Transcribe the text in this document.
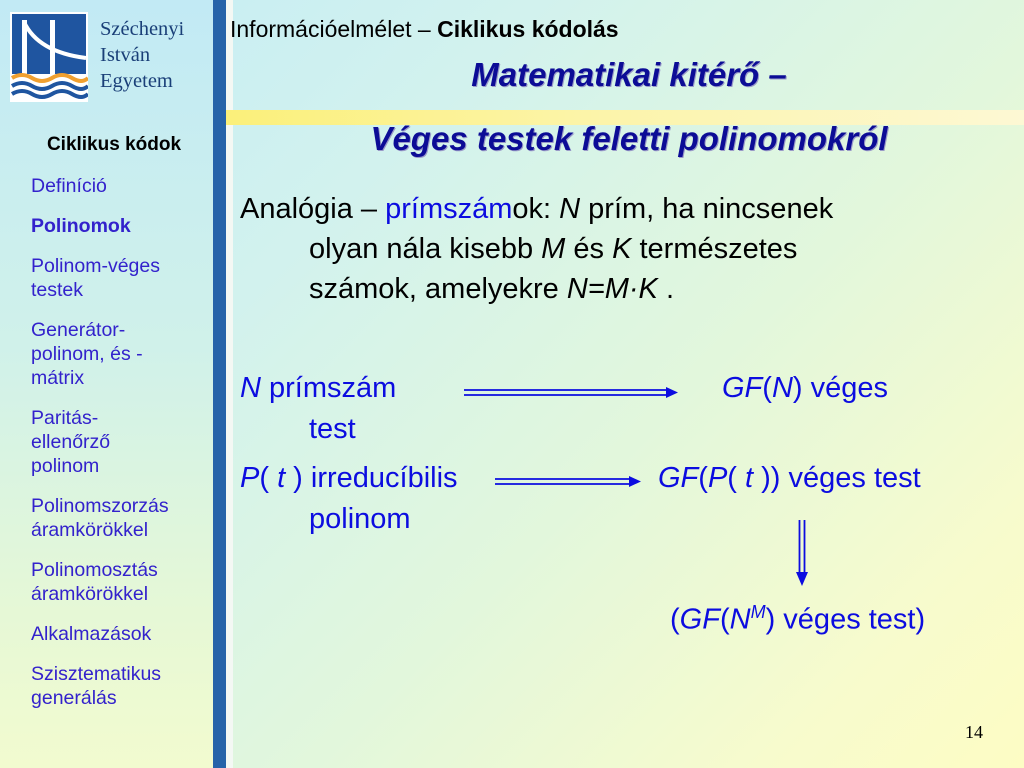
Széchenyi
István
Egyetem
Ciklikus kódok
Definíció
Polinomok
Polinom-véges testek
Generátor-polinom, és -mátrix
Paritás-ellenőrző polinom
Polinomszorzás áramkörökkel
Polinomosztás áramkörökkel
Alkalmazások
Szisztematikus generálás
Információelmélet – Ciklikus kódolás
Matematikai kitérő –
Véges testek feletti polinomokról
Analógia – prímszámok: N prím, ha nincsenek
olyan nála kisebb M és K természetes
számok, amelyekre N=M·K .
N prímszám
test
GF(N) véges
P( t ) irreducíbilis
polinom
GF(P( t )) véges test
($GF(N^M)$ véges test)
14
